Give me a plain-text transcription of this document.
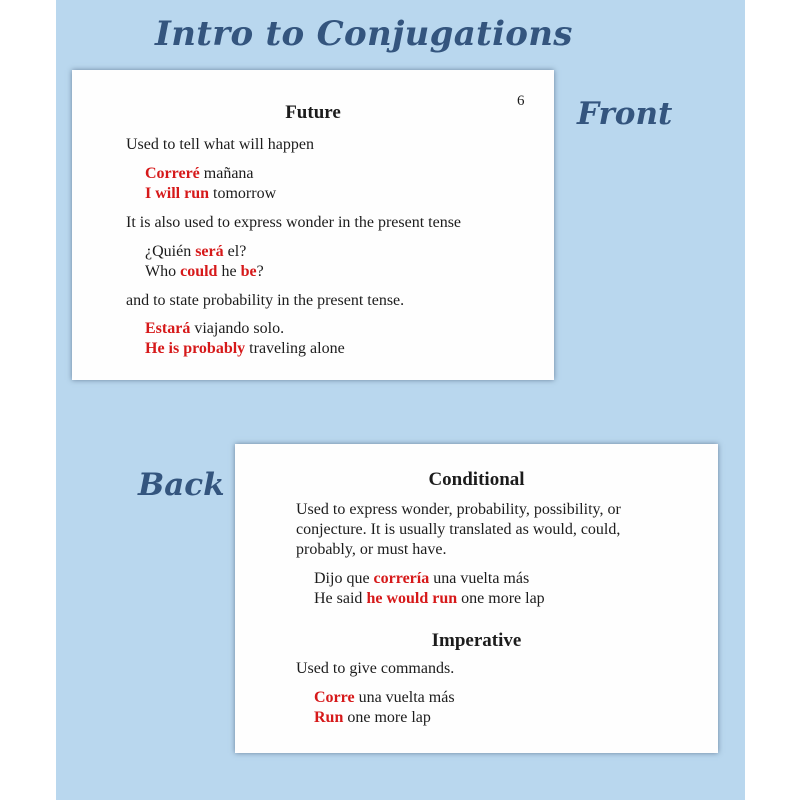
Intro to Conjugations
Front
Back
6
Future
Used to tell what will happen
Correré mañana
I will run tomorrow
It is also used to express wonder in the present tense
¿Quién será el?
Who could he be?
and to state probability in the present tense.
Estará viajando solo.
He is probably traveling alone
Conditional
Used to express wonder, probability, possibility, or
conjecture. It is usually translated as would, could,
probably, or must have.
Dijo que correría una vuelta más
He said he would run one more lap
Imperative
Used to give commands.
Corre una vuelta más
Run one more lap
